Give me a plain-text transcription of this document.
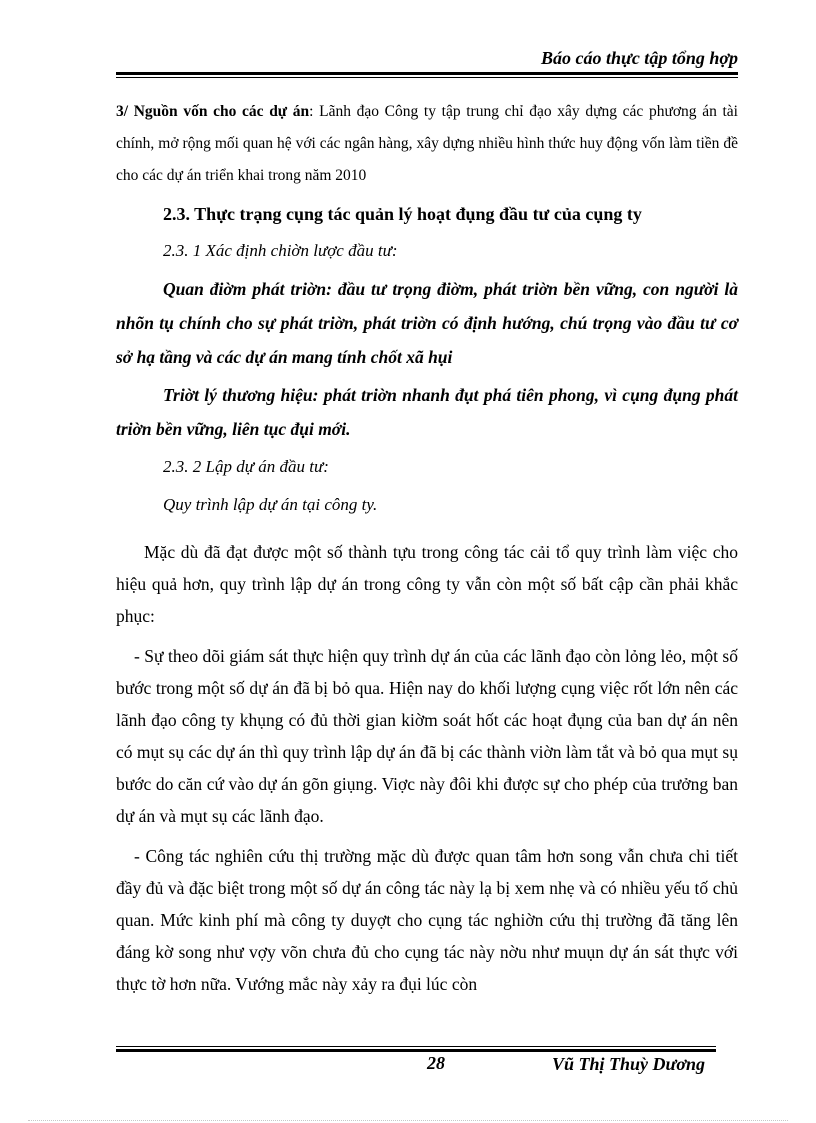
Báo cáo thực tập tổng hợp

3/ Nguồn vốn cho các dự án: Lãnh đạo Công ty tập trung chỉ đạo xây dựng các phương án tài chính, mở rộng mối quan hệ với các ngân hàng, xây dựng nhiều hình thức huy động vốn làm tiền đề cho các dự án triển khai trong năm 2010

2.3. Thực trạng cụng tác quản lý hoạt đụng đầu tư của cụng ty

2.3. 1 Xác định chiờn lược đầu tư:

Quan điờm phát triờn: đầu tư trọng điờm, phát triờn bền vững, con người là nhõn tụ chính cho sự phát triờn, phát triờn có định hướng, chú trọng vào đầu tư cơ sở hạ tầng và các dự án mang tính chốt xã hụi

Triờt lý thương hiệu: phát triờn nhanh đụt phá tiên phong, vì cụng đụng phát triờn bền vững, liên tục đụi mới.

2.3. 2 Lập dự án đầu tư:

Quy trình lập dự án tại công ty.

Mặc dù đã đạt được một số thành tựu trong công tác cải tổ quy trình làm việc cho hiệu quả hơn, quy trình lập dự án trong công ty vẫn còn một số bất cập cần phải khắc phục:

- Sự theo dõi giám sát thực hiện quy trình dự án của các lãnh đạo còn lỏng lẻo, một số bước trong một số dự án đã bị bỏ qua. Hiện nay do khối lượng cụng việc rốt lớn nên các lãnh đạo công ty khụng có đủ thời gian kiờm soát hốt các hoạt đụng của ban dự án nên có mụt sụ các dự án thì quy trình lập dự án đã bị các thành viờn làm tắt và bỏ qua mụt sụ bước do căn cứ vào dự án gõn giụng. Viợc này đôi khi được sự cho phép của trưởng ban dự án và mụt sụ các lãnh đạo.

- Công tác nghiên cứu thị trường mặc dù được quan tâm hơn song vẫn chưa chi tiết đầy đủ và đặc biệt trong một số dự án công tác này lạ bị xem nhẹ và có nhiều yếu tố chủ quan. Mức kinh phí mà công ty duyợt cho cụng tác nghiờn cứu thị trường đã tăng lên đáng kờ song như vợy võn chưa đủ cho cụng tác này nờu như muụn dự án sát thực với thực tờ hơn nữa. Vướng mắc này xảy ra đụi lúc còn

28	Vũ Thị Thuỳ Dương
